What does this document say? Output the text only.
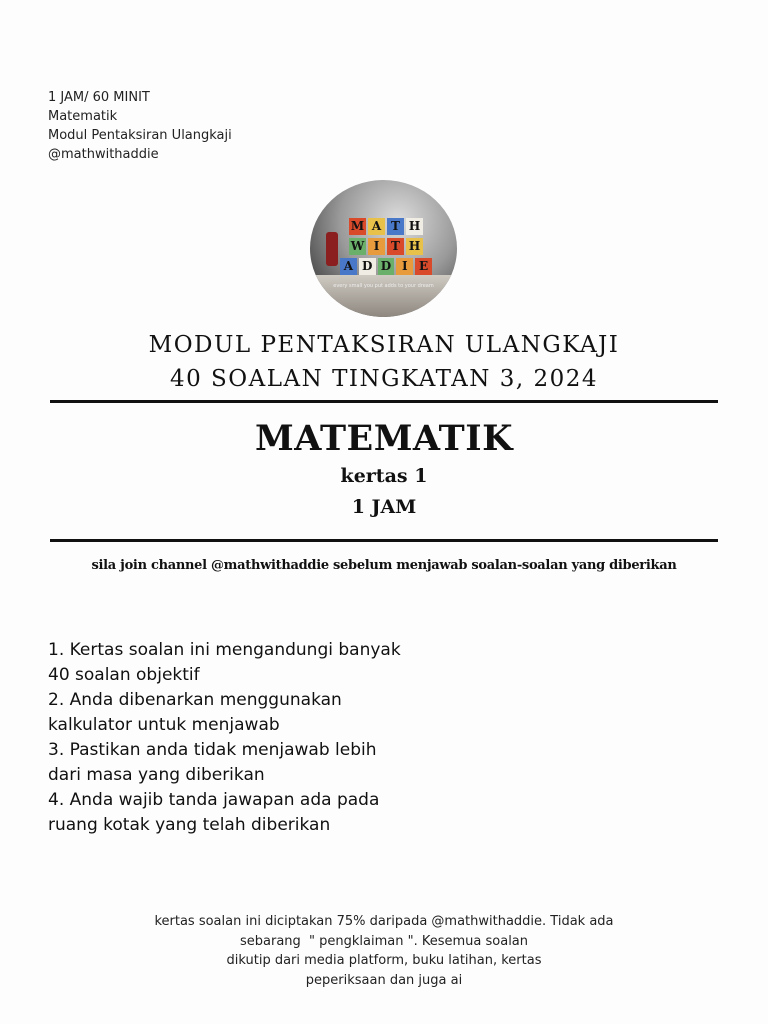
1 JAM/ 60 MINIT
Matematik
Modul Pentaksiran Ulangkaji
@mathwithaddie
M A T H
W I T H
A D D I E
every small you put adds to your dream
MODUL PENTAKSIRAN ULANGKAJI
40 SOALAN TINGKATAN 3, 2024
MATEMATIK
kertas 1
1 JAM
sila join channel @mathwithaddie sebelum menjawab soalan-soalan yang diberikan
1. Kertas soalan ini mengandungi banyak
40 soalan objektif
2. Anda dibenarkan menggunakan
kalkulator untuk menjawab
3. Pastikan anda tidak menjawab lebih
dari masa yang diberikan
4. Anda wajib tanda jawapan ada pada
ruang kotak yang telah diberikan
kertas soalan ini diciptakan 75% daripada @mathwithaddie. Tidak ada
sebarang  " pengklaiman ". Kesemua soalan
dikutip dari media platform, buku latihan, kertas
peperiksaan dan juga ai
